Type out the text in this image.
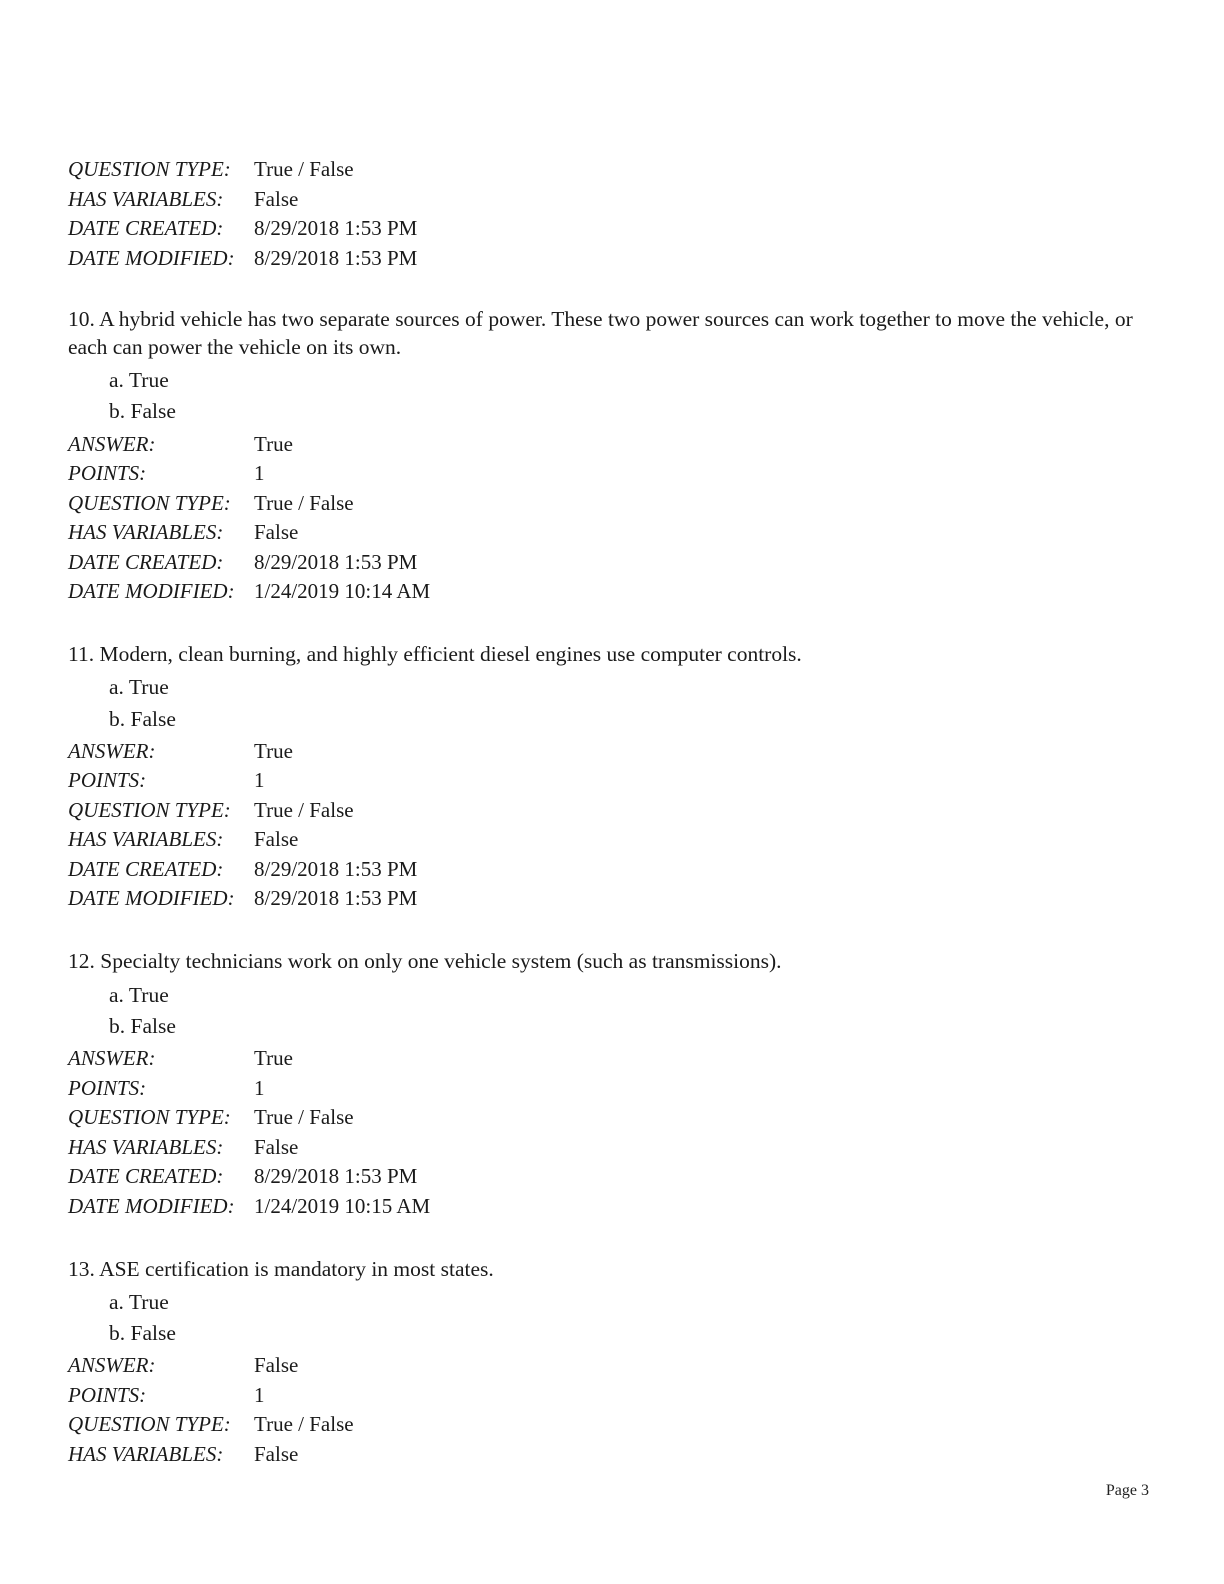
QUESTION TYPE:	True / False
HAS VARIABLES:	False
DATE CREATED:	8/29/2018 1:53 PM
DATE MODIFIED: 8/29/2018 1:53 PM

10. A hybrid vehicle has two separate sources of power. These two power sources can work together to move the vehicle, or each can power the vehicle on its own.

a. True
b. False
ANSWER:	True
POINTS:	1
QUESTION TYPE:	True / False
HAS VARIABLES:	False
DATE CREATED:	8/29/2018 1:53 PM
DATE MODIFIED: 1/24/2019 10:14 AM

11. Modern, clean burning, and highly efficient diesel engines use computer controls.

a. True
b. False
ANSWER:	True
POINTS:	1
QUESTION TYPE:	True / False
HAS VARIABLES:	False
DATE CREATED:	8/29/2018 1:53 PM
DATE MODIFIED: 8/29/2018 1:53 PM

12. Specialty technicians work on only one vehicle system (such as transmissions).

a. True
b. False
ANSWER:	True
POINTS:	1
QUESTION TYPE:	True / False
HAS VARIABLES:	False
DATE CREATED:	8/29/2018 1:53 PM
DATE MODIFIED: 1/24/2019 10:15 AM

13. ASE certification is mandatory in most states.

a. True
b. False
ANSWER:	False
POINTS:	1
QUESTION TYPE:	True / False
HAS VARIABLES:	False
Page 3
